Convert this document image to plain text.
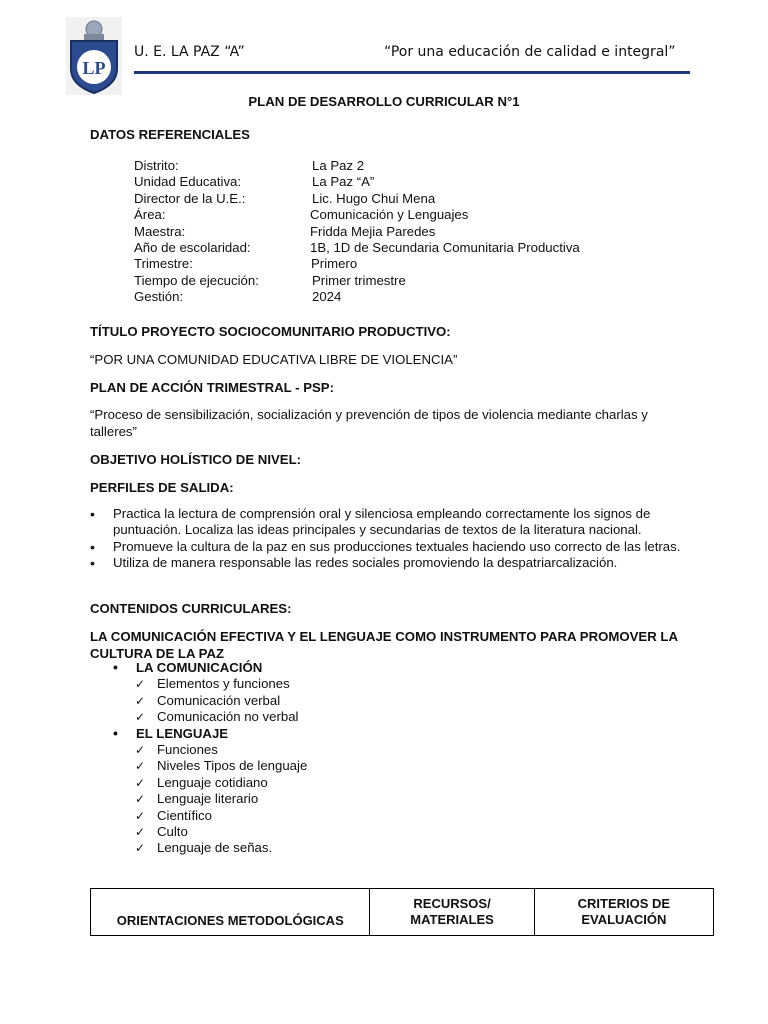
LP
U. E. LA PAZ “A”	“Por una educación de calidad e integral”
PLAN DE DESARROLLO CURRICULAR N°1
DATOS REFERENCIALES
Distrito:	La Paz 2
Unidad Educativa:	La Paz “A”
Director de la U.E.:	Lic. Hugo Chui Mena
Área:	Comunicación y Lenguajes
Maestra:	Fridda Mejia Paredes
Año de escolaridad:	1B, 1D de Secundaria Comunitaria Productiva
Trimestre:	Primero
Tiempo de ejecución:	Primer trimestre
Gestión:	2024
TÍTULO PROYECTO SOCIOCOMUNITARIO PRODUCTIVO:
“POR UNA COMUNIDAD EDUCATIVA LIBRE DE VIOLENCIA”
PLAN DE ACCIÓN TRIMESTRAL - PSP:
“Proceso de sensibilización, socialización y prevención de tipos de violencia mediante charlas y talleres”
OBJETIVO HOLÍSTICO DE NIVEL:
PERFILES DE SALIDA:
• Practica la lectura de comprensión oral y silenciosa empleando correctamente los signos de puntuación. Localiza las ideas principales y secundarias de textos de la literatura nacional.
• Promueve la cultura de la paz en sus producciones textuales haciendo uso correcto de las letras.
• Utiliza de manera responsable las redes sociales promoviendo la despatriarcalización.
CONTENIDOS CURRICULARES:
LA COMUNICACIÓN EFECTIVA Y EL LENGUAJE COMO INSTRUMENTO PARA PROMOVER LA CULTURA DE LA PAZ
• LA COMUNICACIÓN
✓ Elementos y funciones
✓ Comunicación verbal
✓ Comunicación no verbal
• EL LENGUAJE
✓ Funciones
✓ Niveles Tipos de lenguaje
✓ Lenguaje cotidiano
✓ Lenguaje literario
✓ Científico
✓ Culto
✓ Lenguaje de señas.
ORIENTACIONES METODOLÓGICAS	RECURSOS/ MATERIALES	CRITERIOS DE EVALUACIÓN
